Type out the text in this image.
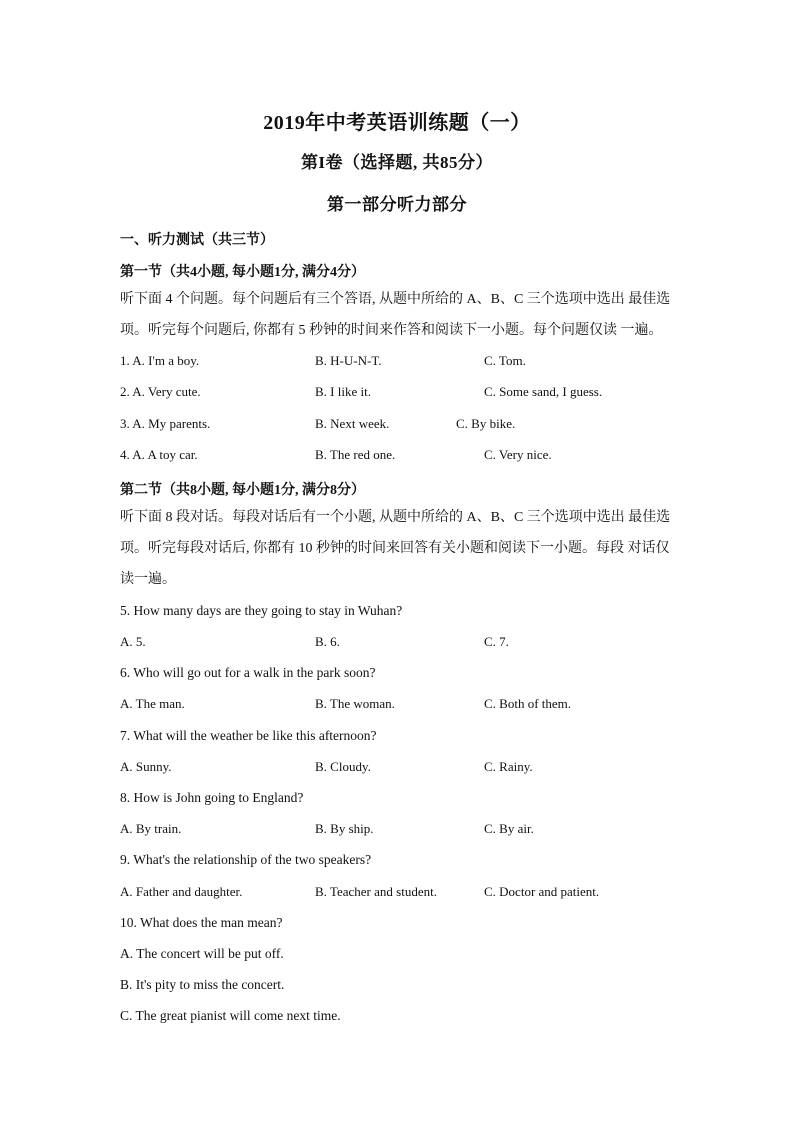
2019年中考英语训练题（一）
第I卷（选择题, 共85分）
第一部分听力部分
一、听力测试（共三节）
第一节（共4小题, 每小题1分, 满分4分）
听下面 4 个问题。每个问题后有三个答语, 从题中所给的 A、B、C 三个选项中选出 最佳选项。听完每个问题后, 你都有 5 秒钟的时间来作答和阅读下一小题。每个问题仅读 一遍。
1. A. I'm a boy.	B. H-U-N-T.	C. Tom.
2. A. Very cute.	B. I like it.	C. Some sand, I guess.
3. A. My parents.	B. Next week.	C. By bike.
4. A. A toy car.	B. The red one.	C. Very nice.
第二节（共8小题, 每小题1分, 满分8分）
听下面 8 段对话。每段对话后有一个小题, 从题中所给的 A、B、C 三个选项中选出 最佳选项。听完每段对话后, 你都有 10 秒钟的时间来回答有关小题和阅读下一小题。每段 对话仅读一遍。
5. How many days are they going to stay in Wuhan?
A. 5.	B. 6.	C. 7.
6. Who will go out for a walk in the park soon?
A. The man.	B. The woman.	C. Both of them.
7. What will the weather be like this afternoon?
A. Sunny.	B. Cloudy.	C. Rainy.
8. How is John going to England?
A. By train.	B. By ship.	C. By air.
9. What's the relationship of the two speakers?
A. Father and daughter.	B. Teacher and student.	C. Doctor and patient.
10. What does the man mean?
A. The concert will be put off.
B. It's pity to miss the concert.
C. The great pianist will come next time.
